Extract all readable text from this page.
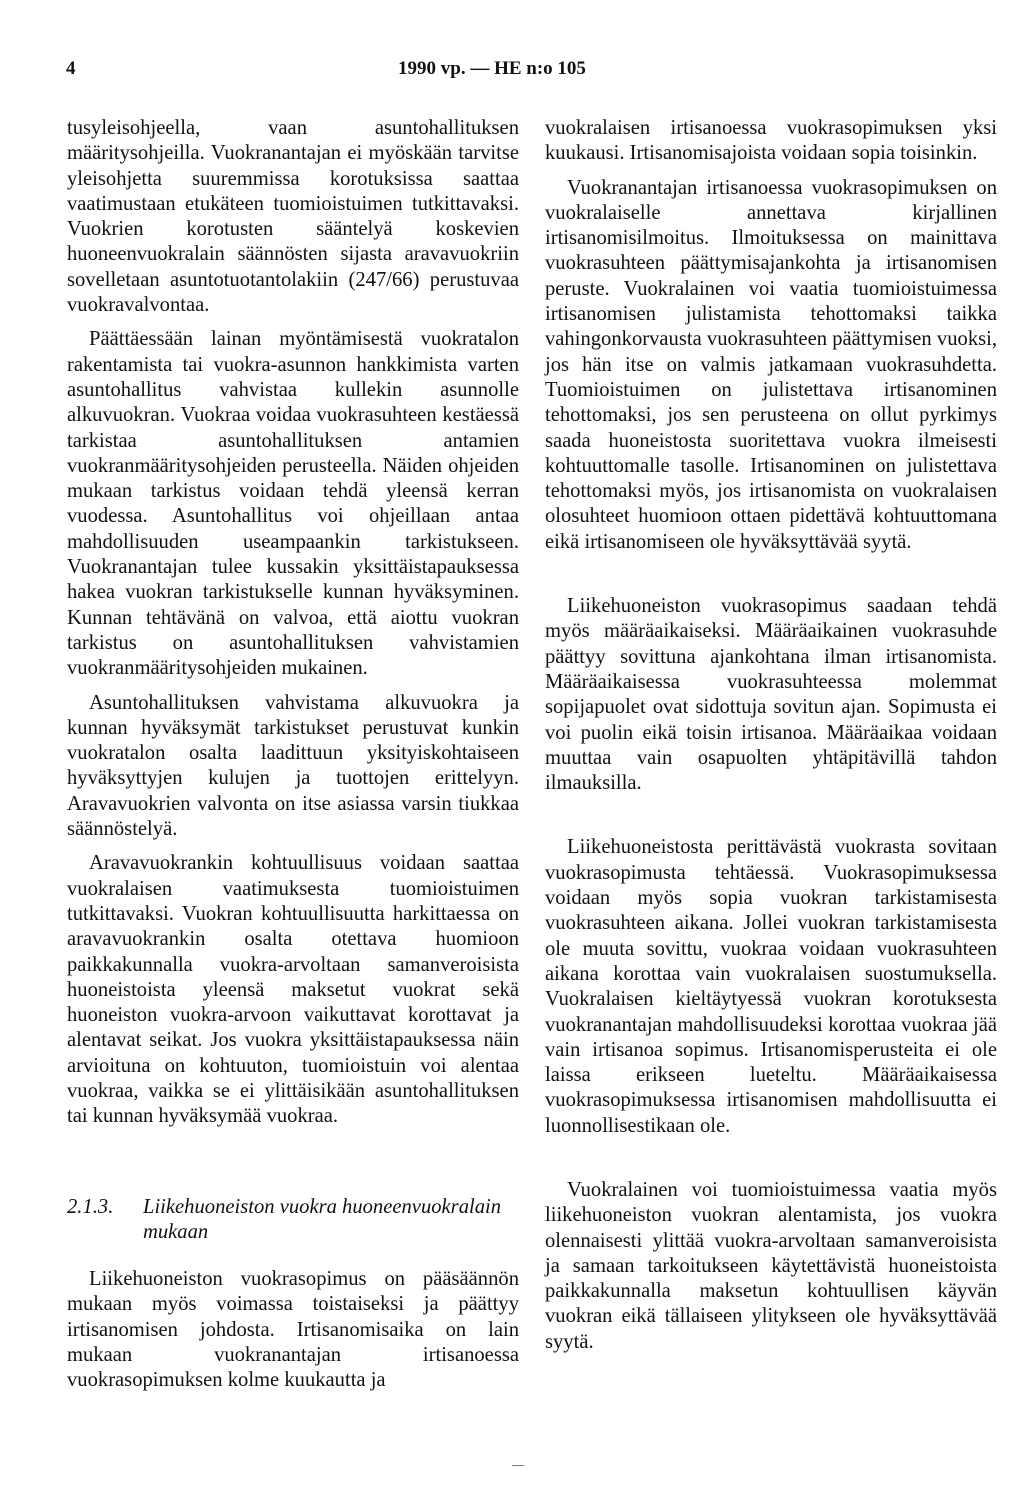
4	1990 vp. — HE n:o 105

tusyleisohjeella, vaan asuntohallituksen määritysohjeilla. Vuokranantajan ei myöskään tarvitse yleisohjetta suuremmissa korotuksissa saattaa vaatimustaan etukäteen tuomioistuimen tutkittavaksi. Vuokrien korotusten sääntelyä koskevien huoneenvuokralain säännösten sijasta aravavuokriin sovelletaan asuntotuotantolakiin (247/66) perustuvaa vuokravalvontaa.

Päättäessään lainan myöntämisestä vuokratalon rakentamista tai vuokra-asunnon hankkimista varten asuntohallitus vahvistaa kullekin asunnolle alkuvuokran. Vuokraa voidaa vuokrasuhteen kestäessä tarkistaa asuntohallituksen antamien vuokranmääritysohjeiden perusteella. Näiden ohjeiden mukaan tarkistus voidaan tehdä yleensä kerran vuodessa. Asuntohallitus voi ohjeillaan antaa mahdollisuuden useampaankin tarkistukseen. Vuokranantajan tulee kussakin yksittäistapauksessa hakea vuokran tarkistukselle kunnan hyväksyminen. Kunnan tehtävänä on valvoa, että aiottu vuokran tarkistus on asuntohallituksen vahvistamien vuokranmääritysohjeiden mukainen.

Asuntohallituksen vahvistama alkuvuokra ja kunnan hyväksymät tarkistukset perustuvat kunkin vuokratalon osalta laadittuun yksityiskohtaiseen hyväksyttyjen kulujen ja tuottojen erittelyyn. Aravavuokrien valvonta on itse asiassa varsin tiukkaa säännöstelyä.

Aravavuokrankin kohtuullisuus voidaan saattaa vuokralaisen vaatimuksesta tuomioistuimen tutkittavaksi. Vuokran kohtuullisuutta harkittaessa on aravavuokrankin osalta otettava huomioon paikkakunnalla vuokra-arvoltaan samanveroisista huoneistoista yleensä maksetut vuokrat sekä huoneiston vuokra-arvoon vaikuttavat korottavat ja alentavat seikat. Jos vuokra yksittäistapauksessa näin arvioituna on kohtuuton, tuomioistuin voi alentaa vuokraa, vaikka se ei ylittäisikään asuntohallituksen tai kunnan hyväksymää vuokraa.

2.1.3.	Liikehuoneiston vuokra huoneenvuokralain mukaan

Liikehuoneiston vuokrasopimus on pääsäännön mukaan myös voimassa toistaiseksi ja päättyy irtisanomisen johdosta. Irtisanomisaika on lain mukaan vuokranantajan irtisanoessa vuokrasopimuksen kolme kuukautta ja

vuokralaisen irtisanoessa vuokrasopimuksen yksi kuukausi. Irtisanomisajoista voidaan sopia toisinkin.

Vuokranantajan irtisanoessa vuokrasopimuksen on vuokralaiselle annettava kirjallinen irtisanomisilmoitus. Ilmoituksessa on mainittava vuokrasuhteen päättymisajankohta ja irtisanomisen peruste. Vuokralainen voi vaatia tuomioistuimessa irtisanomisen julistamista tehottomaksi taikka vahingonkorvausta vuokrasuhteen päättymisen vuoksi, jos hän itse on valmis jatkamaan vuokrasuhdetta. Tuomioistuimen on julistettava irtisanominen tehottomaksi, jos sen perusteena on ollut pyrkimys saada huoneistosta suoritettava vuokra ilmeisesti kohtuuttomalle tasolle. Irtisanominen on julistettava tehottomaksi myös, jos irtisanomista on vuokralaisen olosuhteet huomioon ottaen pidettävä kohtuuttomana eikä irtisanomiseen ole hyväksyttävää syytä.

Liikehuoneiston vuokrasopimus saadaan tehdä myös määräaikaiseksi. Määräaikainen vuokrasuhde päättyy sovittuna ajankohtana ilman irtisanomista. Määräaikaisessa vuokrasuhteessa molemmat sopijapuolet ovat sidottuja sovitun ajan. Sopimusta ei voi puolin eikä toisin irtisanoa. Määräaikaa voidaan muuttaa vain osapuolten yhtäpitävillä tahdon ilmauksilla.

Liikehuoneistosta perittävästä vuokrasta sovitaan vuokrasopimusta tehtäessä. Vuokrasopimuksessa voidaan myös sopia vuokran tarkistamisesta vuokrasuhteen aikana. Jollei vuokran tarkistamisesta ole muuta sovittu, vuokraa voidaan vuokrasuhteen aikana korottaa vain vuokralaisen suostumuksella. Vuokralaisen kieltäytyessä vuokran korotuksesta vuokranantajan mahdollisuudeksi korottaa vuokraa jää vain irtisanoa sopimus. Irtisanomisperusteita ei ole laissa erikseen lueteltu. Määräaikaisessa vuokrasopimuksessa irtisanomisen mahdollisuutta ei luonnollisestikaan ole.

Vuokralainen voi tuomioistuimessa vaatia myös liikehuoneiston vuokran alentamista, jos vuokra olennaisesti ylittää vuokra-arvoltaan samanveroisista ja samaan tarkoitukseen käytettävistä huoneistoista paikkakunnalla maksetun kohtuullisen käyvän vuokran eikä tällaiseen ylitykseen ole hyväksyttävää syytä.
